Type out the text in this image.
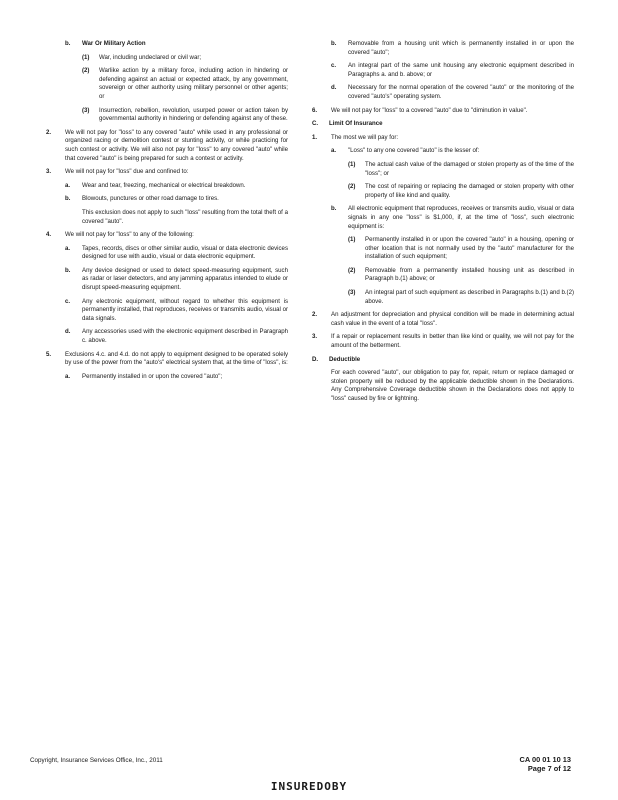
b. War Or Military Action
(1) War, including undeclared or civil war;
(2) Warlike action by a military force, including action in hindering or defending against an actual or expected attack, by any government, sovereign or other authority using military personnel or other agents; or
(3) Insurrection, rebellion, revolution, usurped power or action taken by governmental authority in hindering or defending against any of these.
2. We will not pay for "loss" to any covered "auto" while used in any professional or organized racing or demolition contest or stunting activity, or while practicing for such contest or activity. We will also not pay for "loss" to any covered "auto" while that covered "auto" is being prepared for such a contest or activity.
3. We will not pay for "loss" due and confined to:
a. Wear and tear, freezing, mechanical or electrical breakdown.
b. Blowouts, punctures or other road damage to tires.
This exclusion does not apply to such "loss" resulting from the total theft of a covered "auto".
4. We will not pay for "loss" to any of the following:
a. Tapes, records, discs or other similar audio, visual or data electronic devices designed for use with audio, visual or data electronic equipment.
b. Any device designed or used to detect speed-measuring equipment, such as radar or laser detectors, and any jamming apparatus intended to elude or disrupt speed-measuring equipment.
c. Any electronic equipment, without regard to whether this equipment is permanently installed, that reproduces, receives or transmits audio, visual or data signals.
d. Any accessories used with the electronic equipment described in Paragraph c. above.
5. Exclusions 4.c. and 4.d. do not apply to equipment designed to be operated solely by use of the power from the "auto's" electrical system that, at the time of "loss", is:
a. Permanently installed in or upon the covered "auto";
b. Removable from a housing unit which is permanently installed in or upon the covered "auto";
c. An integral part of the same unit housing any electronic equipment described in Paragraphs a. and b. above; or
d. Necessary for the normal operation of the covered "auto" or the monitoring of the covered "auto's" operating system.
6. We will not pay for "loss" to a covered "auto" due to "diminution in value".
C. Limit Of Insurance
1. The most we will pay for:
a. "Loss" to any one covered "auto" is the lesser of:
(1) The actual cash value of the damaged or stolen property as of the time of the "loss"; or
(2) The cost of repairing or replacing the damaged or stolen property with other property of like kind and quality.
b. All electronic equipment that reproduces, receives or transmits audio, visual or data signals in any one "loss" is $1,000, if, at the time of "loss", such electronic equipment is:
(1) Permanently installed in or upon the covered "auto" in a housing, opening or other location that is not normally used by the "auto" manufacturer for the installation of such equipment;
(2) Removable from a permanently installed housing unit as described in Paragraph b.(1) above; or
(3) An integral part of such equipment as described in Paragraphs b.(1) and b.(2) above.
2. An adjustment for depreciation and physical condition will be made in determining actual cash value in the event of a total "loss".
3. If a repair or replacement results in better than like kind or quality, we will not pay for the amount of the betterment.
D. Deductible
For each covered "auto", our obligation to pay for, repair, return or replace damaged or stolen property will be reduced by the applicable deductible shown in the Declarations. Any Comprehensive Coverage deductible shown in the Declarations does not apply to "loss" caused by fire or lightning.
Copyright, Insurance Services Office, Inc., 2011	CA 00 01 10 13
Page 7 of 12
INSUREDOBY
